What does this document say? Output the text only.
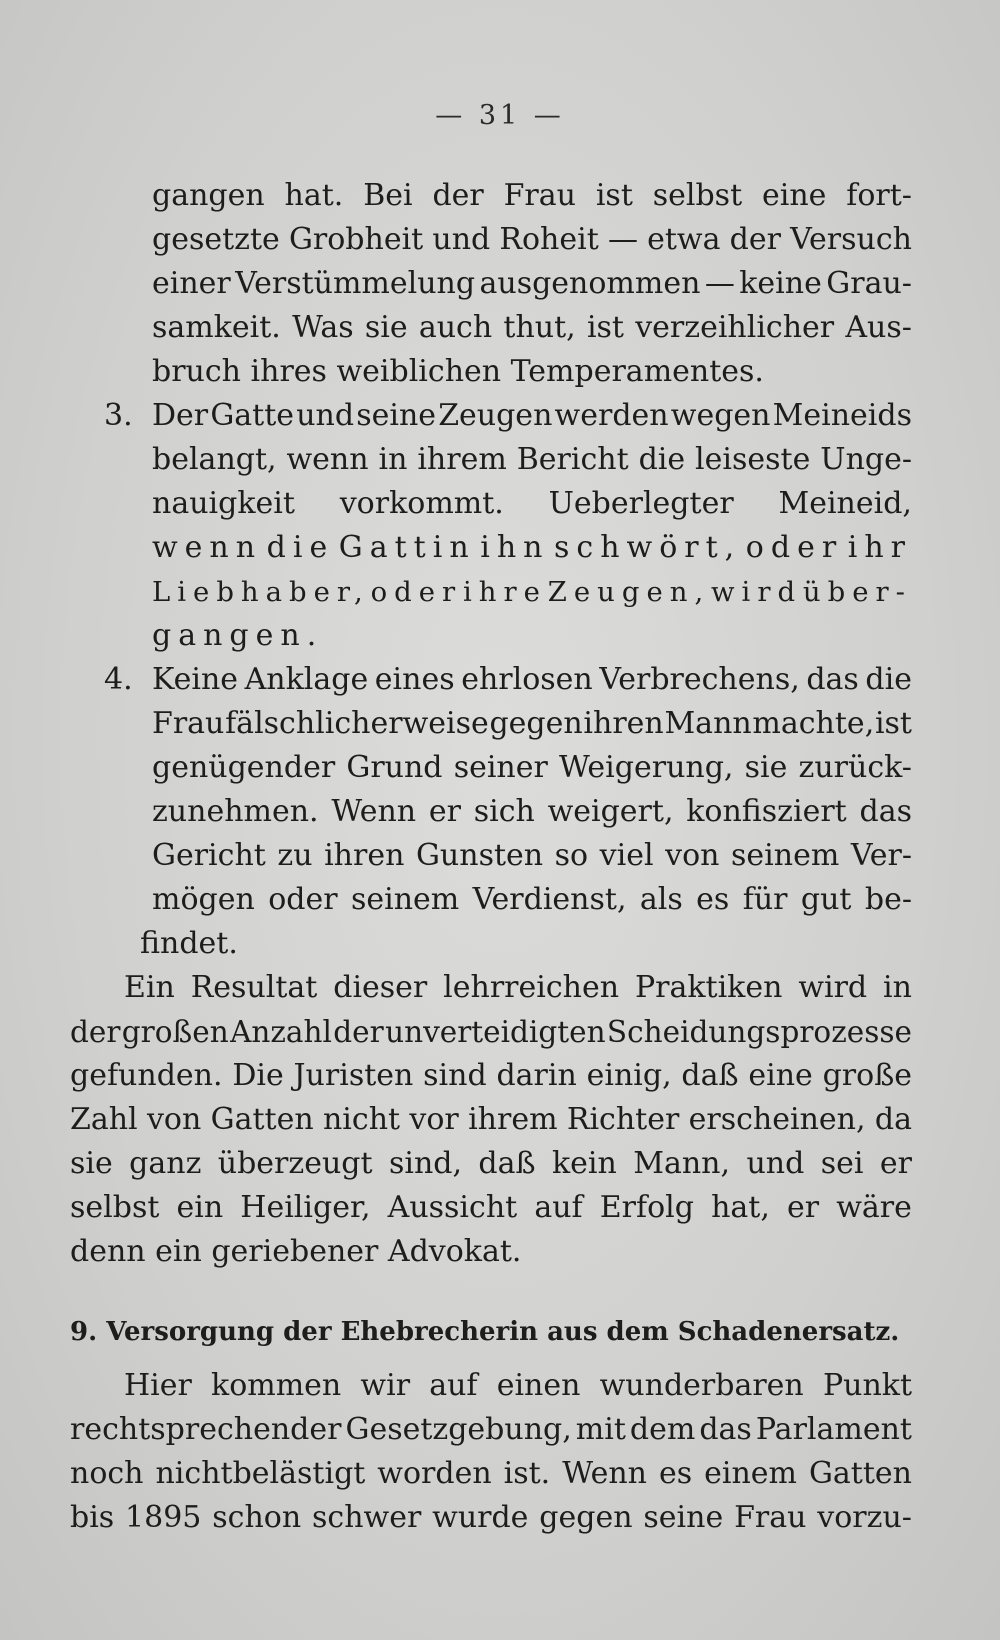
— 31 —
gangen hat. Bei der Frau ist selbst eine fort-
gesetzte Grobheit und Roheit — etwa der Versuch
einer Verstümmelung ausgenommen — keine Grau-
samkeit. Was sie auch thut, ist verzeihlicher Aus-
bruch ihres weiblichen Temperamentes.
3. Der Gatte und seine Zeugen werden wegen Meineids
belangt, wenn in ihrem Bericht die leiseste Unge-
nauigkeit vorkommt. Ueberlegter Meineid,
wenn die Gattin ihn schwört, oder ihr
Liebhaber, oder ihre Zeugen, wird über-
gangen.
4. Keine Anklage eines ehrlosen Verbrechens, das die
Frau fälschlicherweise gegen ihren Mann machte, ist
genügender Grund seiner Weigerung, sie zurück-
zunehmen. Wenn er sich weigert, konfisziert das
Gericht zu ihren Gunsten so viel von seinem Ver-
mögen oder seinem Verdienst, als es für gut be-
findet.
Ein Resultat dieser lehrreichen Praktiken wird in
der großen Anzahl der unverteidigten Scheidungsprozesse
gefunden. Die Juristen sind darin einig, daß eine große
Zahl von Gatten nicht vor ihrem Richter erscheinen, da
sie ganz überzeugt sind, daß kein Mann, und sei er
selbst ein Heiliger, Aussicht auf Erfolg hat, er wäre
denn ein geriebener Advokat.
9. Versorgung der Ehebrecherin aus dem Schadenersatz.
Hier kommen wir auf einen wunderbaren Punkt
rechtsprechender Gesetzgebung, mit dem das Parlament
noch nichtbelästigt worden ist. Wenn es einem Gatten
bis 1895 schon schwer wurde gegen seine Frau vorzu-
